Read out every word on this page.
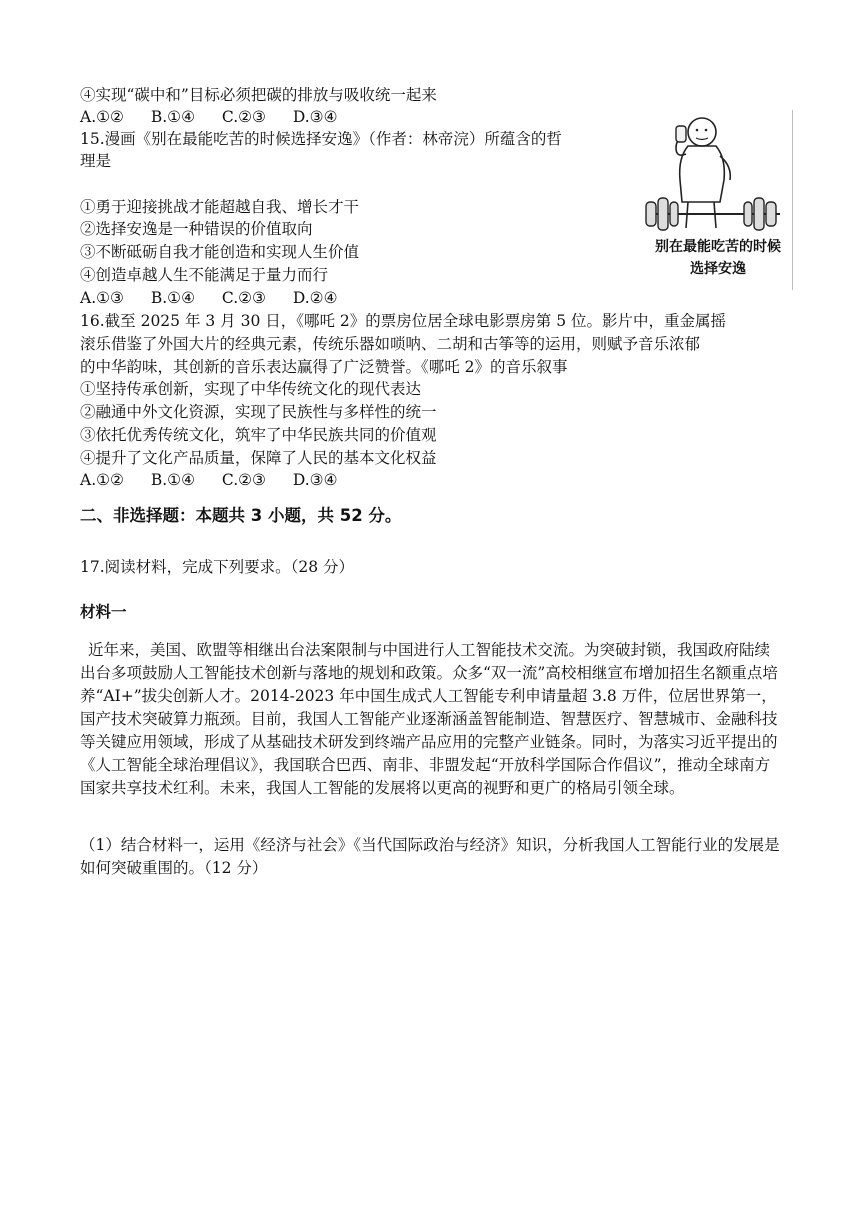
④实现“碳中和”目标必须把碳的排放与吸收统一起来
A.①② B.①④ C.②③ D.③④
15.漫画《别在最能吃苦的时候选择安逸》（作者：林帝浣）所蕴含的哲
理是
①勇于迎接挑战才能超越自我、增长才干
②选择安逸是一种错误的价值取向
③不断砥砺自我才能创造和实现人生价值
④创造卓越人生不能满足于量力而行
A.①③ B.①④ C.②③ D.②④
别在最能吃苦的时候
选择安逸
16.截至 2025 年 3 月 30 日，《哪吒 2》的票房位居全球电影票房第 5 位。影片中，重金属摇
滚乐借鉴了外国大片的经典元素，传统乐器如唢呐、二胡和古筝等的运用，则赋予音乐浓郁
的中华韵味，其创新的音乐表达赢得了广泛赞誉。《哪吒 2》的音乐叙事
①坚持传承创新，实现了中华传统文化的现代表达
②融通中外文化资源，实现了民族性与多样性的统一
③依托优秀传统文化，筑牢了中华民族共同的价值观
④提升了文化产品质量，保障了人民的基本文化权益
A.①② B.①④ C.②③ D.③④
二、非选择题：本题共 3 小题，共 52 分。
17.阅读材料，完成下列要求。（28 分）
材料一
近年来，美国、欧盟等相继出台法案限制与中国进行人工智能技术交流。为突破封锁，我国政府陆续出台多项鼓励人工智能技术创新与落地的规划和政策。众多“双一流”高校相继宣布增加招生名额重点培养“AI+”拔尖创新人才。2014-2023 年中国生成式人工智能专利申请量超 3.8 万件，位居世界第一，国产技术突破算力瓶颈。目前，我国人工智能产业逐渐涵盖智能制造、智慧医疗、智慧城市、金融科技等关键应用领域，形成了从基础技术研发到终端产品应用的完整产业链条。同时，为落实习近平提出的《人工智能全球治理倡议》，我国联合巴西、南非、非盟发起“开放科学国际合作倡议”，推动全球南方国家共享技术红利。未来，我国人工智能的发展将以更高的视野和更广的格局引领全球。
（1）结合材料一，运用《经济与社会》《当代国际政治与经济》知识，分析我国人工智能行业的发展是如何突破重围的。（12 分）
